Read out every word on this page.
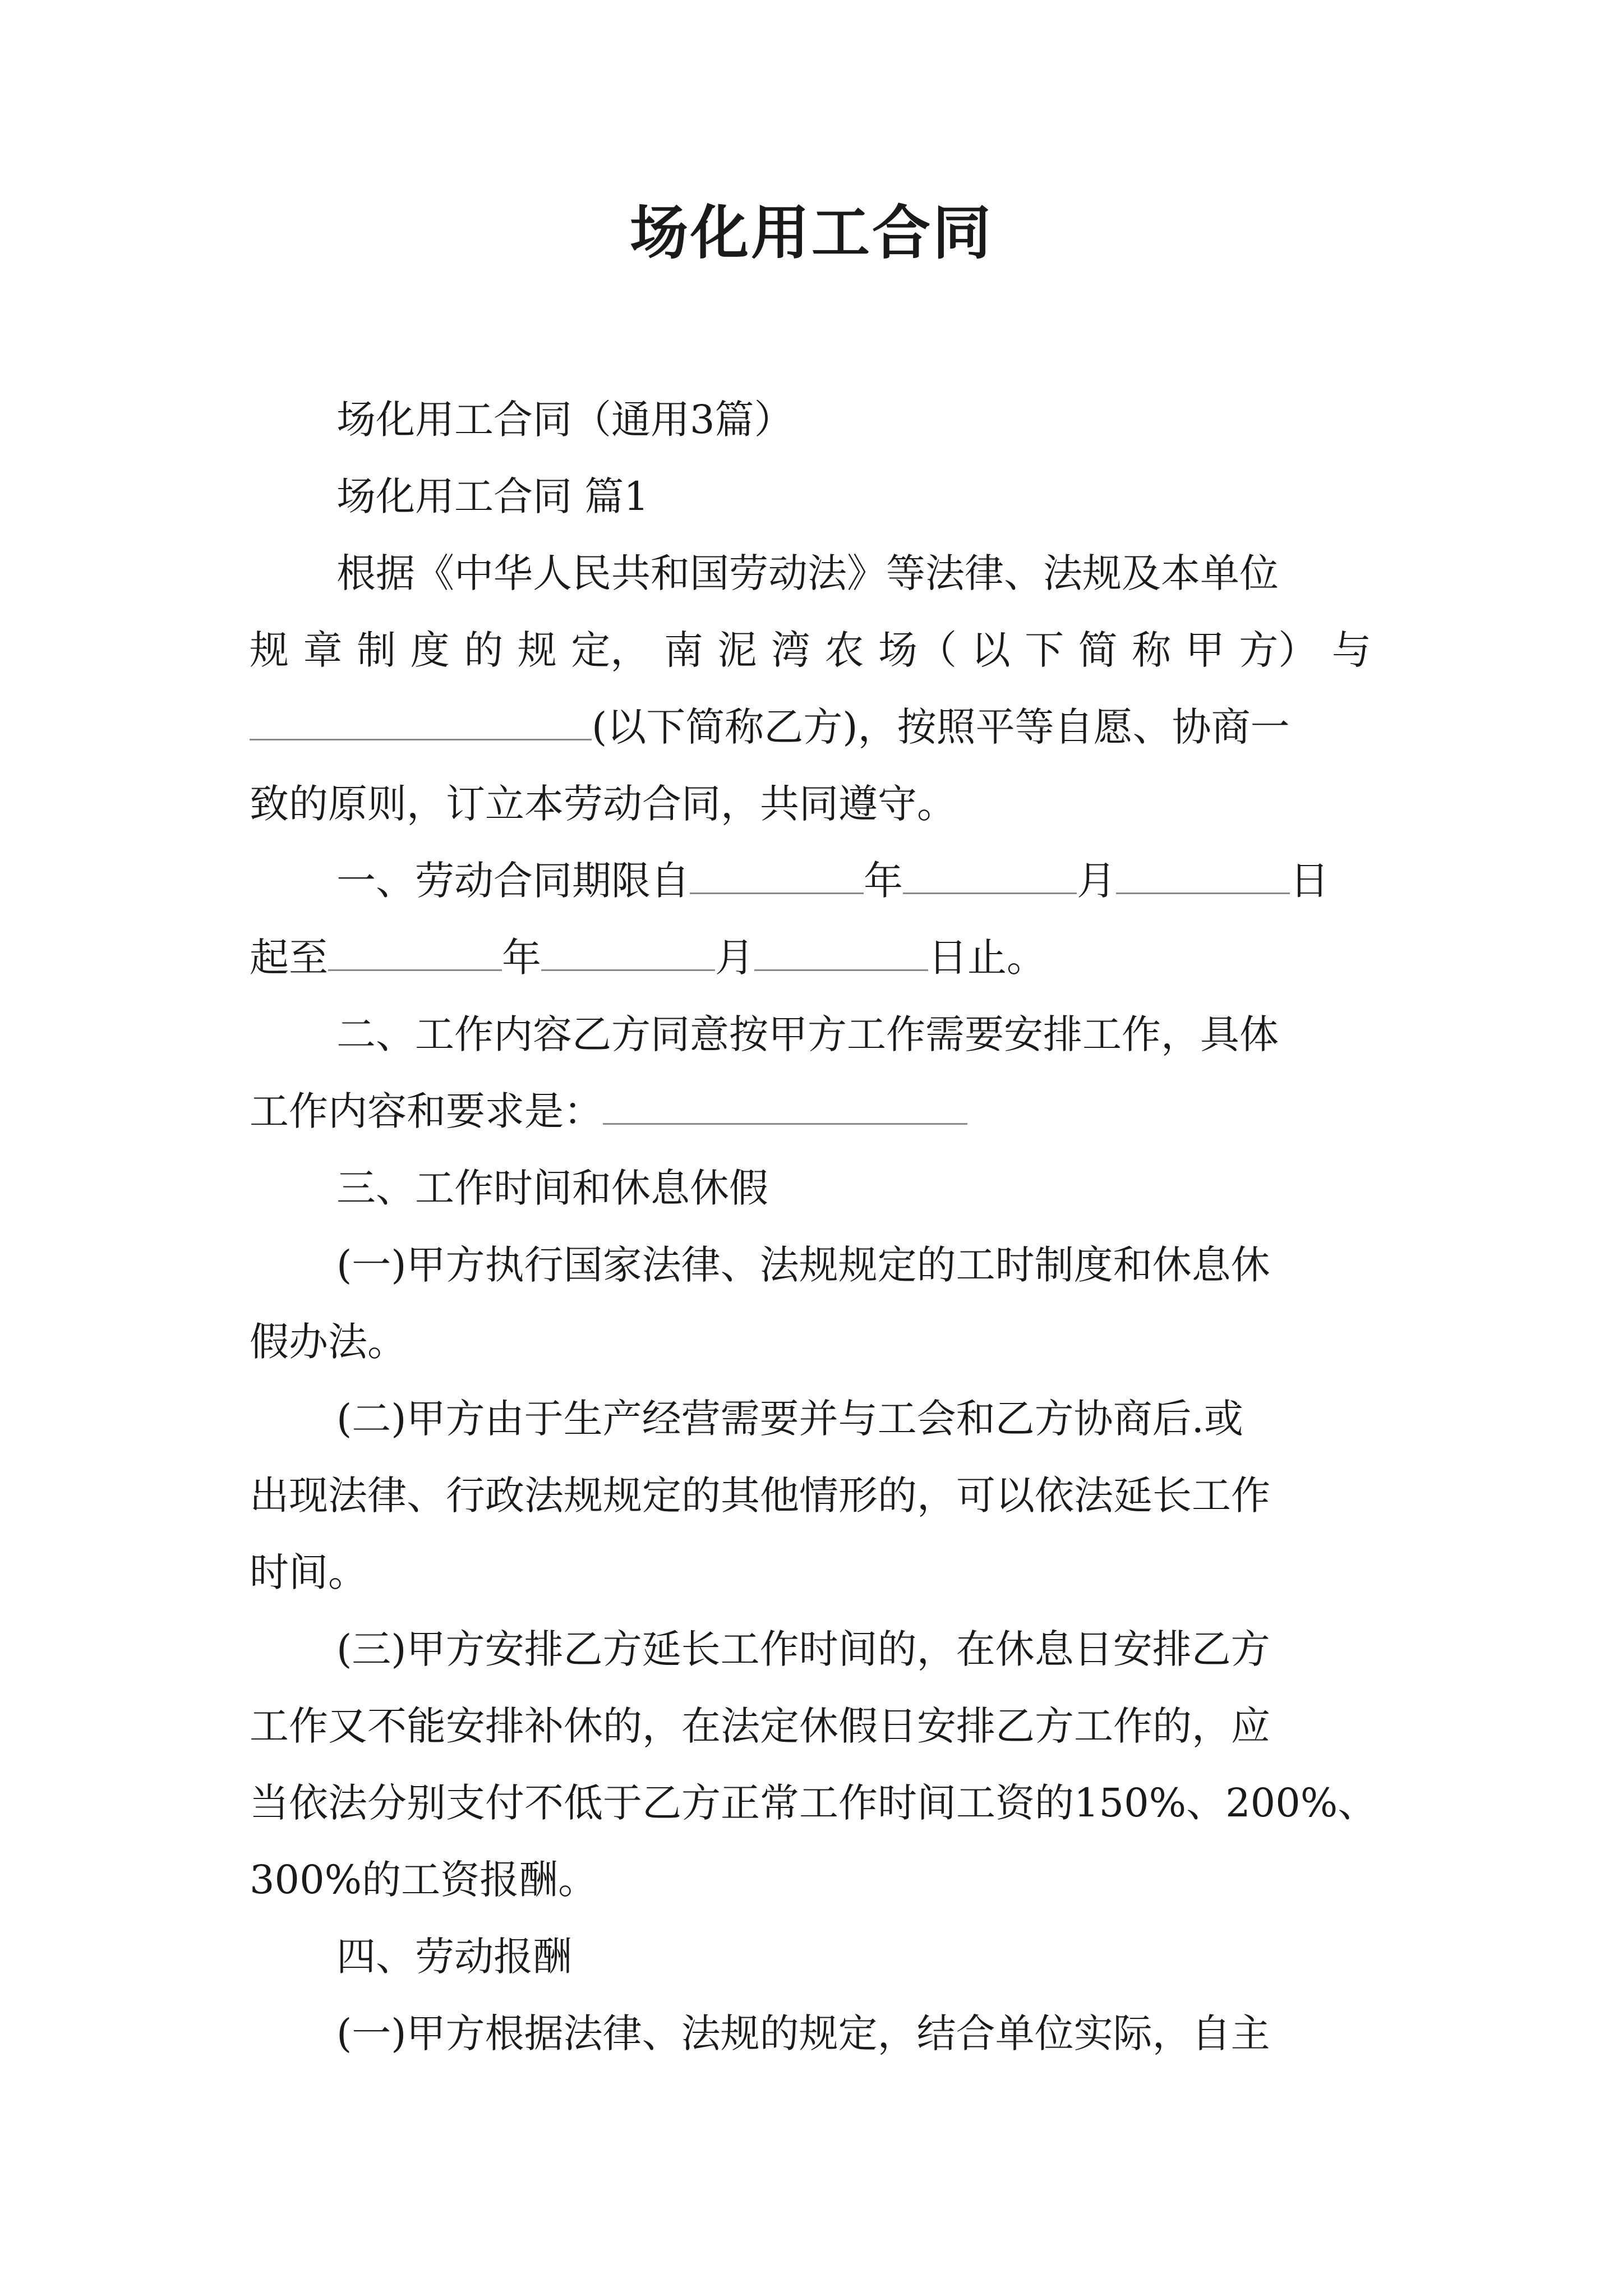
场化用工合同
场化用工合同（通用3篇）
场化用工合同 篇1
根据《中华人民共和国劳动法》等法律、法规及本单位
规 章 制 度 的 规 定， 南 泥 湾 农 场（ 以 下 简 称 甲 方） 与
(以下简称乙方)，按照平等自愿、协商一
致的原则，订立本劳动合同，共同遵守。
一、劳动合同期限自	年	月	日
起至	年	月	日止。
二、工作内容乙方同意按甲方工作需要安排工作，具体
工作内容和要求是：
三、工作时间和休息休假
(一)甲方执行国家法律、法规规定的工时制度和休息休
假办法。
(二)甲方由于生产经营需要并与工会和乙方协商后.或
出现法律、行政法规规定的其他情形的，可以依法延长工作
时间。
(三)甲方安排乙方延长工作时间的，在休息日安排乙方
工作又不能安排补休的，在法定休假日安排乙方工作的，应
当依法分别支付不低于乙方正常工作时间工资的150%、200%、
300%的工资报酬。
四、劳动报酬
(一)甲方根据法律、法规的规定，结合单位实际，自主
